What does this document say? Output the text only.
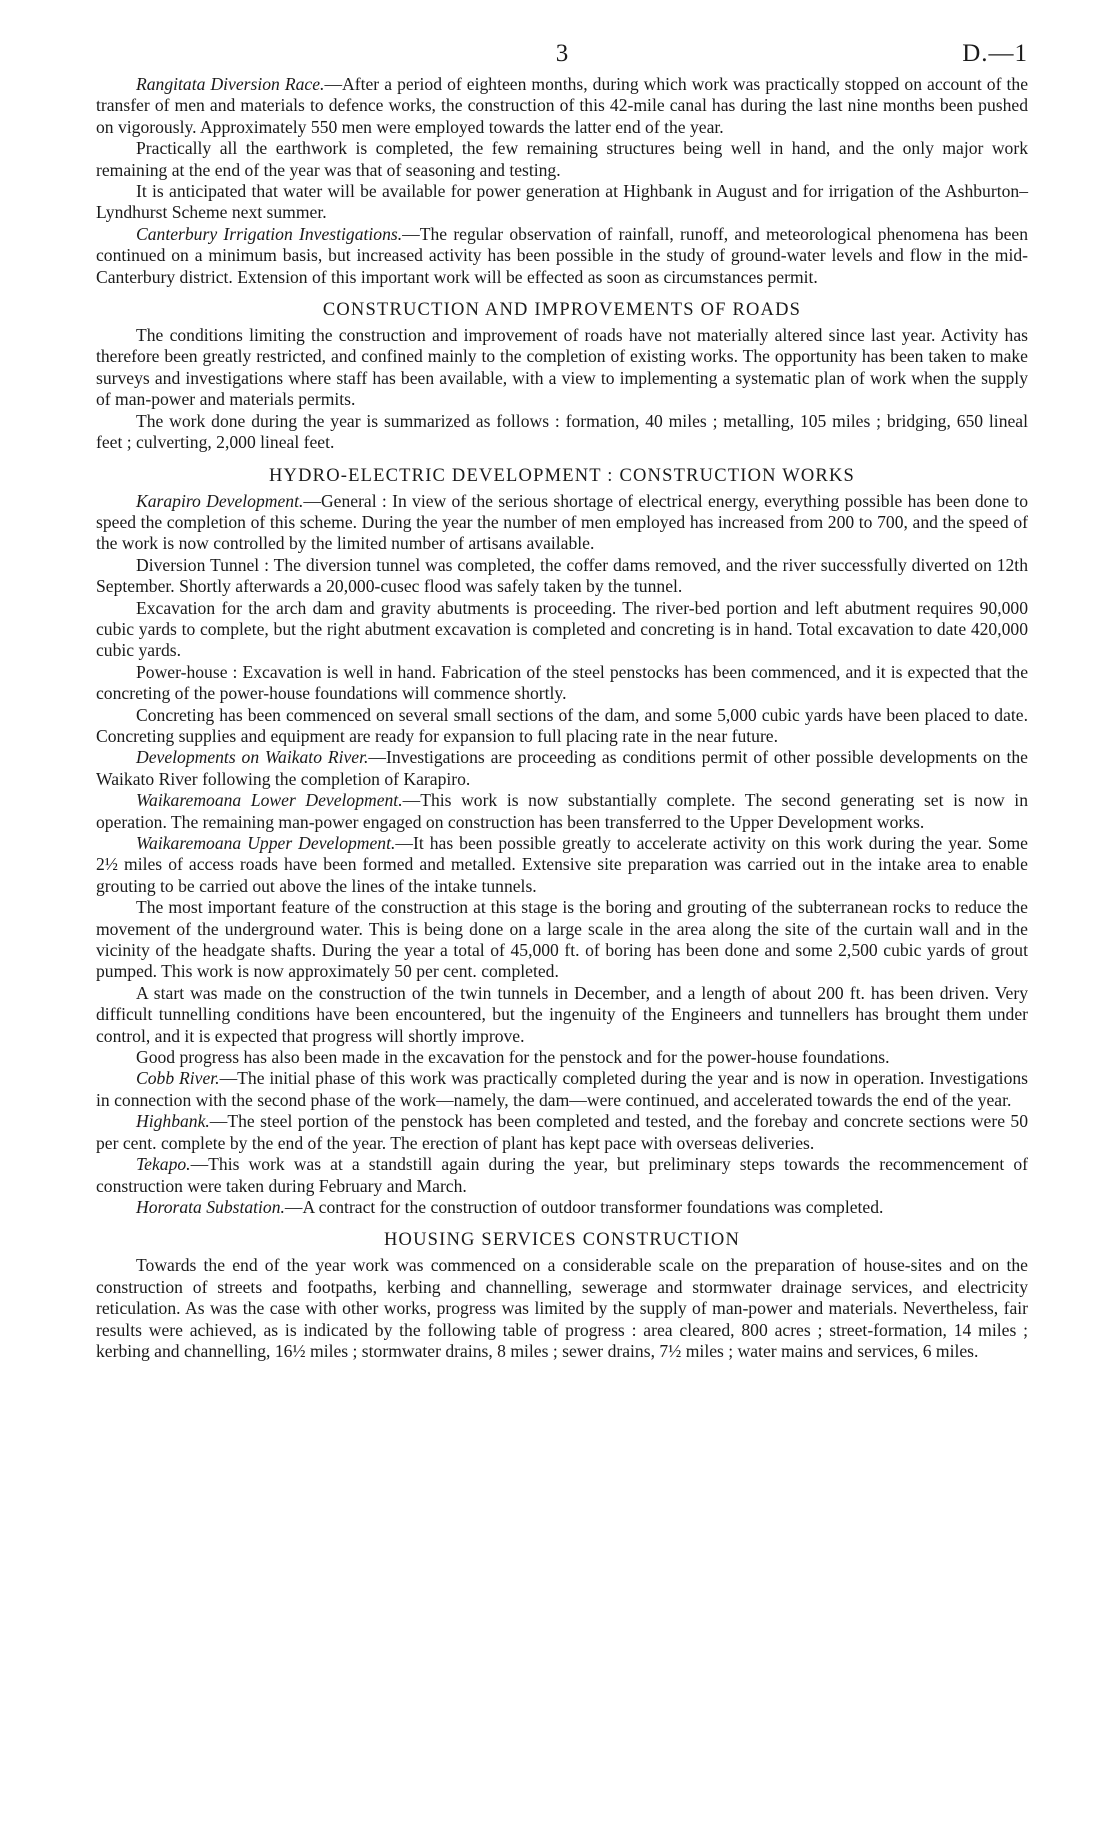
3	D.—1

Rangitata Diversion Race.—After a period of eighteen months, during which work was practically stopped on account of the transfer of men and materials to defence works, the construction of this 42-mile canal has during the last nine months been pushed on vigorously. Approximately 550 men were employed towards the latter end of the year.

Practically all the earthwork is completed, the few remaining structures being well in hand, and the only major work remaining at the end of the year was that of seasoning and testing.

It is anticipated that water will be available for power generation at Highbank in August and for irrigation of the Ashburton–Lyndhurst Scheme next summer.

Canterbury Irrigation Investigations.—The regular observation of rainfall, runoff, and meteorological phenomena has been continued on a minimum basis, but increased activity has been possible in the study of ground-water levels and flow in the mid-Canterbury district. Extension of this important work will be effected as soon as circumstances permit.

CONSTRUCTION AND IMPROVEMENTS OF ROADS

The conditions limiting the construction and improvement of roads have not materially altered since last year. Activity has therefore been greatly restricted, and confined mainly to the completion of existing works. The opportunity has been taken to make surveys and investigations where staff has been available, with a view to implementing a systematic plan of work when the supply of man-power and materials permits.

The work done during the year is summarized as follows : formation, 40 miles ; metalling, 105 miles ; bridging, 650 lineal feet ; culverting, 2,000 lineal feet.

HYDRO-ELECTRIC DEVELOPMENT : CONSTRUCTION WORKS

Karapiro Development.—General : In view of the serious shortage of electrical energy, everything possible has been done to speed the completion of this scheme. During the year the number of men employed has increased from 200 to 700, and the speed of the work is now controlled by the limited number of artisans available.

Diversion Tunnel : The diversion tunnel was completed, the coffer dams removed, and the river successfully diverted on 12th September. Shortly afterwards a 20,000-cusec flood was safely taken by the tunnel.

Excavation for the arch dam and gravity abutments is proceeding. The river-bed portion and left abutment requires 90,000 cubic yards to complete, but the right abutment excavation is completed and concreting is in hand. Total excavation to date 420,000 cubic yards.

Power-house : Excavation is well in hand. Fabrication of the steel penstocks has been commenced, and it is expected that the concreting of the power-house foundations will commence shortly.

Concreting has been commenced on several small sections of the dam, and some 5,000 cubic yards have been placed to date. Concreting supplies and equipment are ready for expansion to full placing rate in the near future.

Developments on Waikato River.—Investigations are proceeding as conditions permit of other possible developments on the Waikato River following the completion of Karapiro.

Waikaremoana Lower Development.—This work is now substantially complete. The second generating set is now in operation. The remaining man-power engaged on construction has been transferred to the Upper Development works.

Waikaremoana Upper Development.—It has been possible greatly to accelerate activity on this work during the year. Some 2½ miles of access roads have been formed and metalled. Extensive site preparation was carried out in the intake area to enable grouting to be carried out above the lines of the intake tunnels.

The most important feature of the construction at this stage is the boring and grouting of the subterranean rocks to reduce the movement of the underground water. This is being done on a large scale in the area along the site of the curtain wall and in the vicinity of the headgate shafts. During the year a total of 45,000 ft. of boring has been done and some 2,500 cubic yards of grout pumped. This work is now approximately 50 per cent. completed.

A start was made on the construction of the twin tunnels in December, and a length of about 200 ft. has been driven. Very difficult tunnelling conditions have been encountered, but the ingenuity of the Engineers and tunnellers has brought them under control, and it is expected that progress will shortly improve.

Good progress has also been made in the excavation for the penstock and for the power-house foundations.

Cobb River.—The initial phase of this work was practically completed during the year and is now in operation. Investigations in connection with the second phase of the work—namely, the dam—were continued, and accelerated towards the end of the year.

Highbank.—The steel portion of the penstock has been completed and tested, and the forebay and concrete sections were 50 per cent. complete by the end of the year. The erection of plant has kept pace with overseas deliveries.

Tekapo.—This work was at a standstill again during the year, but preliminary steps towards the recommencement of construction were taken during February and March.

Hororata Substation.—A contract for the construction of outdoor transformer foundations was completed.

HOUSING SERVICES CONSTRUCTION

Towards the end of the year work was commenced on a considerable scale on the preparation of house-sites and on the construction of streets and footpaths, kerbing and channelling, sewerage and stormwater drainage services, and electricity reticulation. As was the case with other works, progress was limited by the supply of man-power and materials. Nevertheless, fair results were achieved, as is indicated by the following table of progress : area cleared, 800 acres ; street-formation, 14 miles ; kerbing and channelling, 16½ miles ; stormwater drains, 8 miles ; sewer drains, 7½ miles ; water mains and services, 6 miles.
